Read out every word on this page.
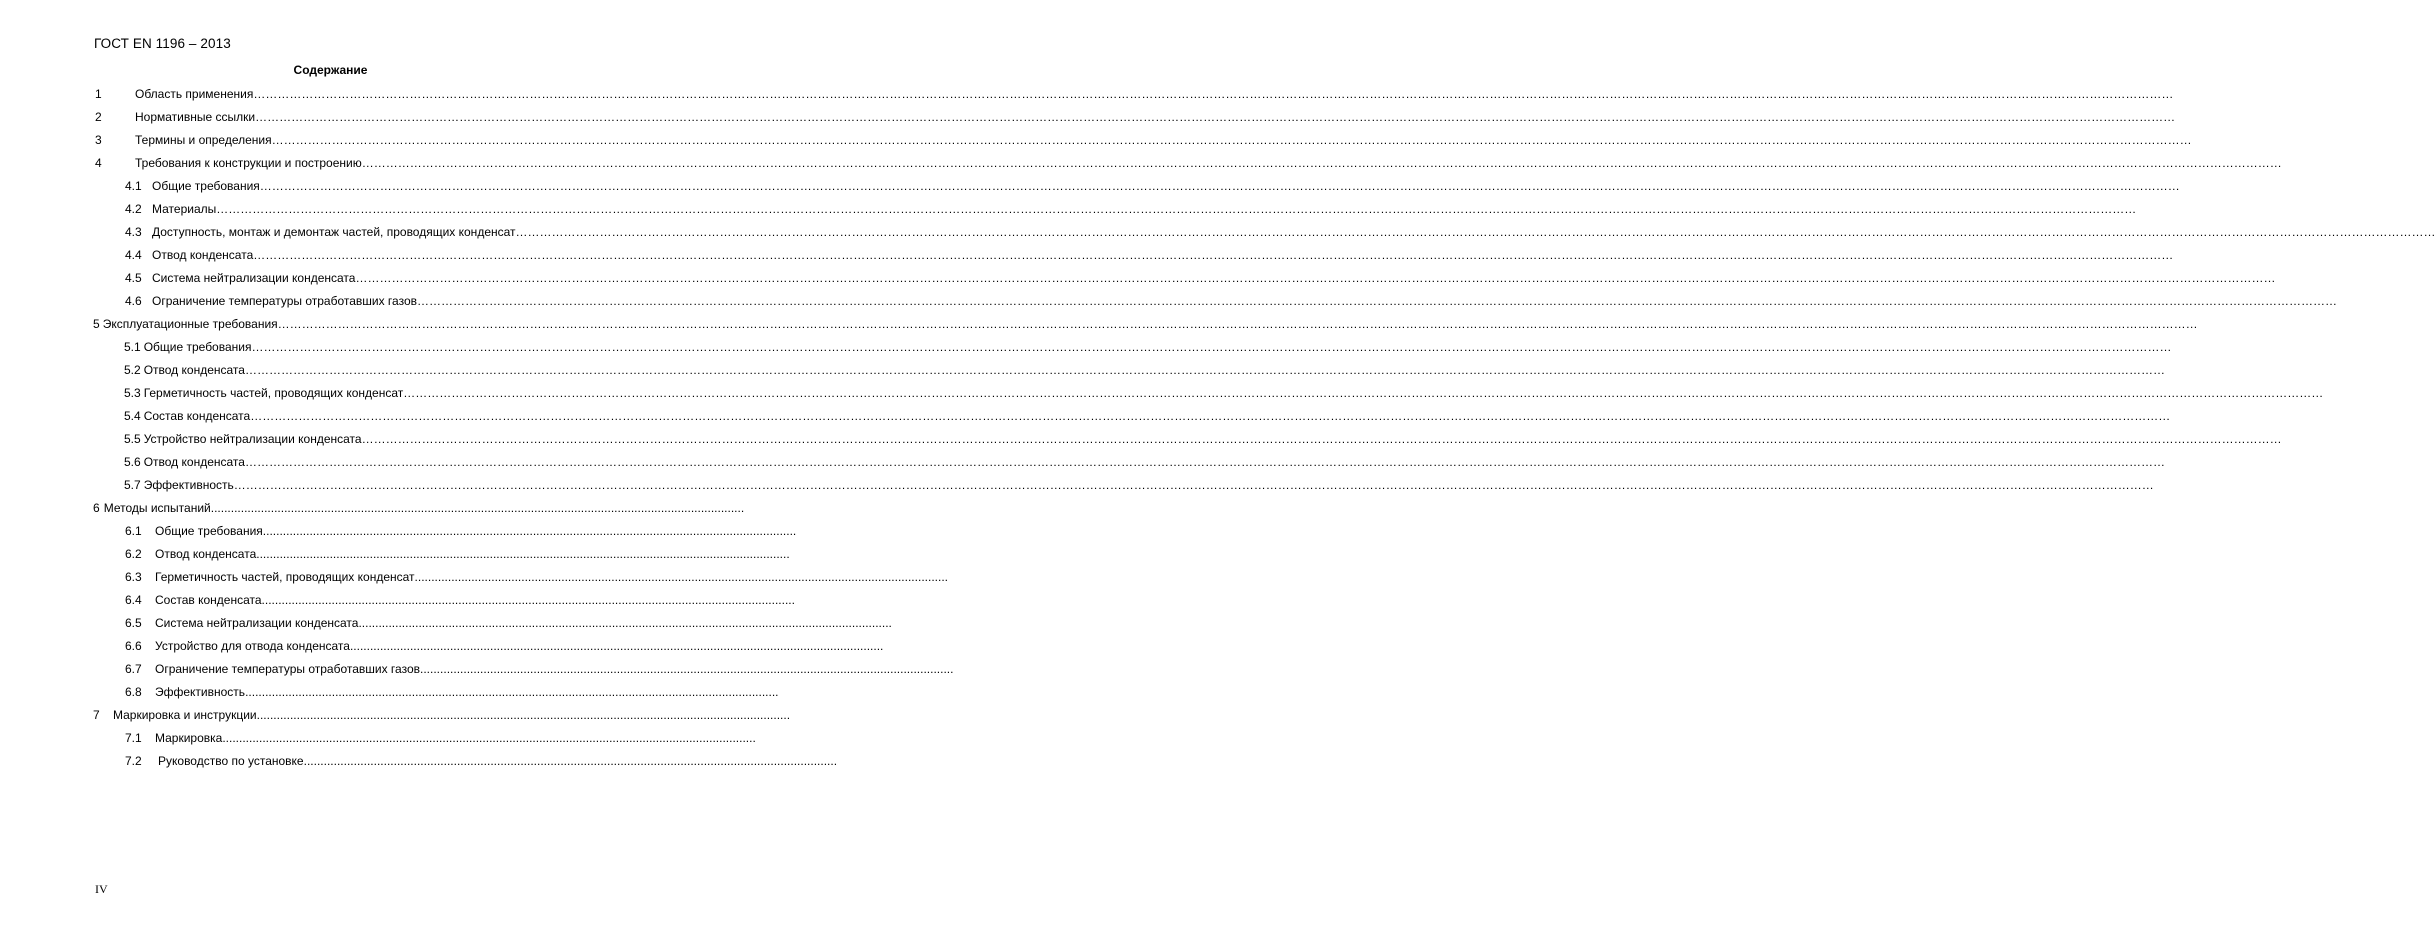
ГОСТ EN 1196 – 2013
Содержание
1	Область применения …………………………………………………………………………………………………………………………………………………………………………………………………………………………………………………………………………………………………………………………………………………………………………………………………………………………………………
2	Нормативные ссылки …………………………………………………………………………………………………………………………………………………………………………………………………………………………………………………………………………………………………………………………………………………………………………………………………………………………………………
3	Термины и определения …………………………………………………………………………………………………………………………………………………………………………………………………………………………………………………………………………………………………………………………………………………………………………………………………………………………………………
4	Требования к конструкции и построению …………………………………………………………………………………………………………………………………………………………………………………………………………………………………………………………………………………………………………………………………………………………………………………………………………………………………………
4.1 Общие требования …………………………………………………………………………………………………………………………………………………………………………………………………………………………………………………………………………………………………………………………………………………………………………………………………………………………………………
4.2 Материалы …………………………………………………………………………………………………………………………………………………………………………………………………………………………………………………………………………………………………………………………………………………………………………………………………………………………………………
4.3 Доступность, монтаж и демонтаж частей, проводящих конденсат …………………………………………………………………………………………………………………………………………………………………………………………………………………………………………………………………………………………………………………………………………………………………………………………………………………………………………
4.4 Отвод конденсата …………………………………………………………………………………………………………………………………………………………………………………………………………………………………………………………………………………………………………………………………………………………………………………………………………………………………………
4.5 Система нейтрализации конденсата …………………………………………………………………………………………………………………………………………………………………………………………………………………………………………………………………………………………………………………………………………………………………………………………………………………………………………
4.6 Ограничение температуры отработавших газов …………………………………………………………………………………………………………………………………………………………………………………………………………………………………………………………………………………………………………………………………………………………………………………………………………………………………………
5 Эксплуатационные требования…………………………………………………………………………………………………………………………………………………………………………………………………………………………………………………………………………………………………………………………………………………………………………………………………………………………………………
5.1 Общие требования…………………………………………………………………………………………………………………………………………………………………………………………………………………………………………………………………………………………………………………………………………………………………………………………………………………………………………
5.2 Отвод конденсата…………………………………………………………………………………………………………………………………………………………………………………………………………………………………………………………………………………………………………………………………………………………………………………………………………………………………………
5.3 Герметичность частей, проводящих конденсат…………………………………………………………………………………………………………………………………………………………………………………………………………………………………………………………………………………………………………………………………………………………………………………………………………………………………………
5.4 Состав конденсата…………………………………………………………………………………………………………………………………………………………………………………………………………………………………………………………………………………………………………………………………………………………………………………………………………………………………………
5.5 Устройство нейтрализации конденсата…………………………………………………………………………………………………………………………………………………………………………………………………………………………………………………………………………………………………………………………………………………………………………………………………………………………………………
5.6 Отвод конденсата…………………………………………………………………………………………………………………………………………………………………………………………………………………………………………………………………………………………………………………………………………………………………………………………………………………………………………
5.7 Эффективность…………………………………………………………………………………………………………………………………………………………………………………………………………………………………………………………………………………………………………………………………………………………………………………………………………………………………………
6 Методы испытаний................................................................................................................................................................
6.1 Общие требования ................................................................................................................................................................
6.2 Отвод конденсата ................................................................................................................................................................
6.3 Герметичность частей, проводящих конденсат ................................................................................................................................................................
6.4 Состав конденсата ................................................................................................................................................................
6.5 Система нейтрализации конденсата ................................................................................................................................................................
6.6 Устройство для отвода конденсата ................................................................................................................................................................
6.7 Ограничение температуры отработавших газов ................................................................................................................................................................
6.8 Эффективность ................................................................................................................................................................
7 Маркировка и инструкции ................................................................................................................................................................
7.1 Маркировка ................................................................................................................................................................
7.2 Руководство по установке ................................................................................................................................................................
IV
